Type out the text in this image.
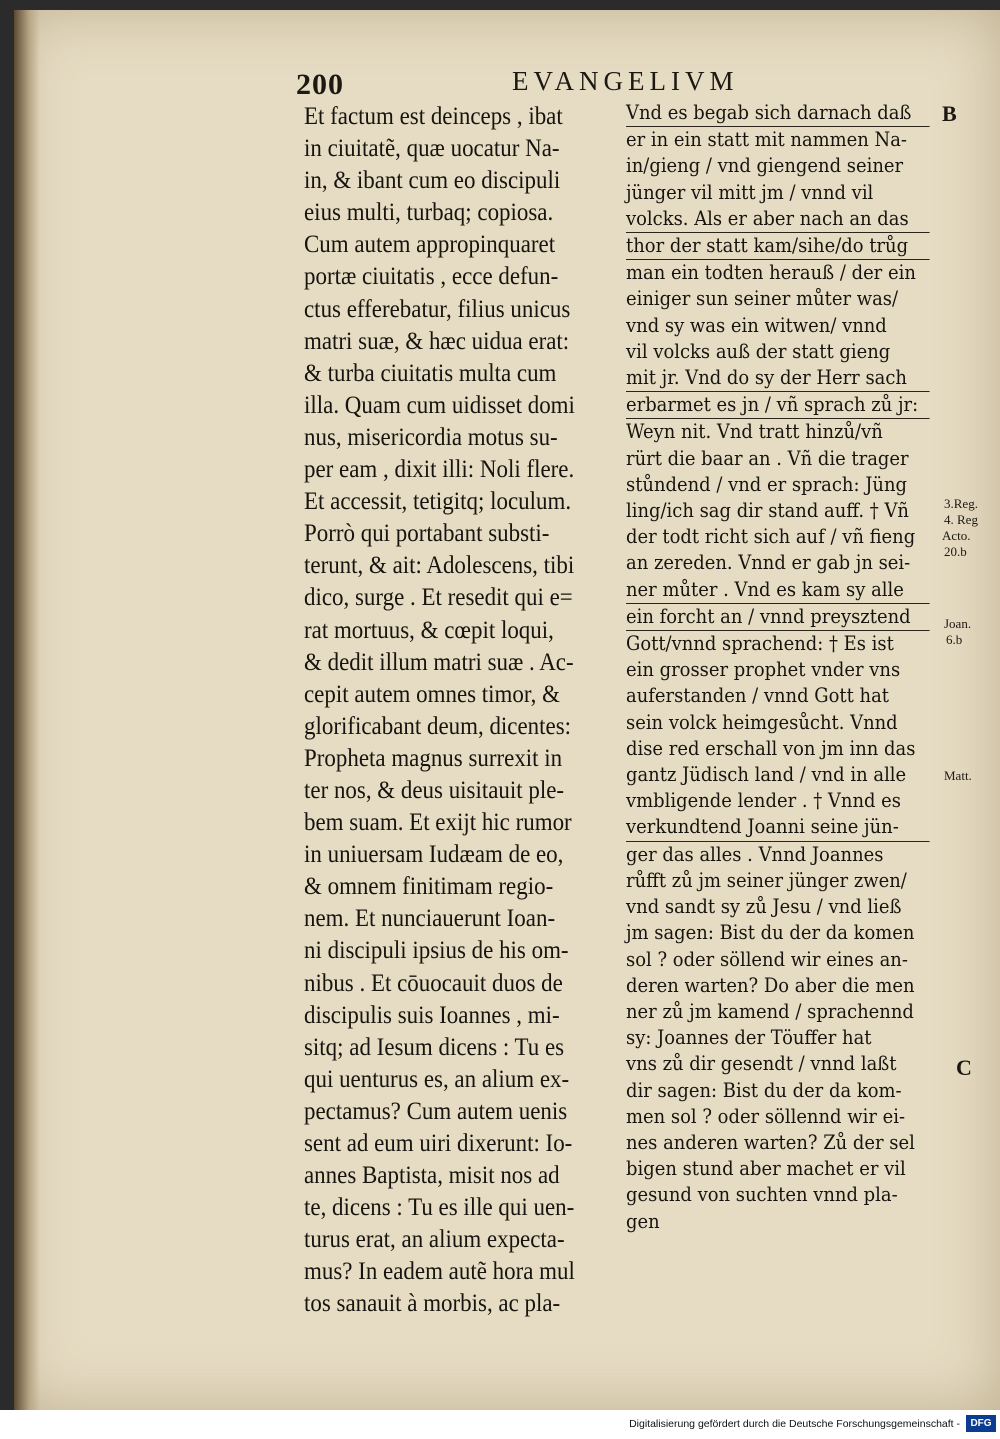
200	EVANGELIVM
Et factum est deinceps , ibat
in ciuitatẽ, quæ uocatur Na-
in, & ibant cum eo discipuli
eius multi, turbaq; copiosa.
Cum autem appropinquaret
portæ ciuitatis , ecce defun-
ctus efferebatur, filius unicus
matri suæ, & hæc uidua erat:
& turba ciuitatis multa cum
illa. Quam cum uidisset domi
nus, misericordia motus su-
per eam , dixit illi: Noli flere.
Et accessit, tetigitq; loculum.
Porrò qui portabant substi-
terunt, & ait: Adolescens, tibi
dico, surge . Et resedit qui e=
rat mortuus, & cœpit loqui,
& dedit illum matri suæ . Ac-
cepit autem omnes timor, &
glorificabant deum, dicentes:
Propheta magnus surrexit in
ter nos, & deus uisitauit ple-
bem suam. Et exijt hic rumor
in uniuersam Iudæam de eo,
& omnem finitimam regio-
nem. Et nunciauerunt Ioan-
ni discipuli ipsius de his om-
nibus . Et cōuocauit duos de
discipulis suis Ioannes , mi-
sitq; ad Iesum dicens : Tu es
qui uenturus es, an alium ex-
pectamus? Cum autem uenis
sent ad eum uiri dixerunt: Io-
annes Baptista, misit nos ad
te, dicens : Tu es ille qui uen-
turus erat, an alium expecta-
mus? In eadem autẽ hora mul
tos sanauit à morbis, ac pla-
Vnd es begab sich darnach daß
er in ein statt mit nammen Na-
in/gieng / vnd giengend seiner
jünger vil mitt jm / vnnd vil
volcks. Als er aber nach an das
thor der statt kam/sihe/do trůg
man ein todten herauß / der ein
einiger sun seiner můter was/
vnd sy was ein witwen/ vnnd
vil volcks auß der statt gieng
mit jr. Vnd do sy der Herr sach
erbarmet es jn / vñ sprach zů jr:
Weyn nit. Vnd tratt hinzů/vñ
rürt die baar an . Vñ die trager
stůndend / vnd er sprach: Jüng
ling/ich sag dir stand auff. † Vñ
der todt richt sich auf / vñ fieng
an zereden. Vnnd er gab jn sei-
ner můter . Vnd es kam sy alle
ein forcht an / vnnd preysztend
Gott/vnnd sprachend: † Es ist
ein grosser prophet vnder vns
auferstanden / vnnd Gott hat
sein volck heimgesůcht. Vnnd
dise red erschall von jm inn das
gantz Jüdisch land / vnd in alle
vmbligende lender . † Vnnd es
verkundtend Joanni seine jün-
ger das alles . Vnnd Joannes
růfft zů jm seiner jünger zwen/
vnd sandt sy zů Jesu / vnd ließ
jm sagen: Bist du der da komen
sol ? oder söllend wir eines an-
deren warten? Do aber die men
ner zů jm kamend / sprachennd
sy: Joannes der Töuffer hat
vns zů dir gesendt / vnnd laßt
dir sagen: Bist du der da kom-
men sol ? oder söllennd wir ei-
nes anderen warten? Zů der sel
bigen stund aber machet er vil
gesund von suchten vnnd pla-
gen
B
3.Reg.
4. Reg
Acto.
20.b
Joan.
6.b
Matt.
C
Digitalisierung gefördert durch die Deutsche Forschungsgemeinschaft -	DFG
